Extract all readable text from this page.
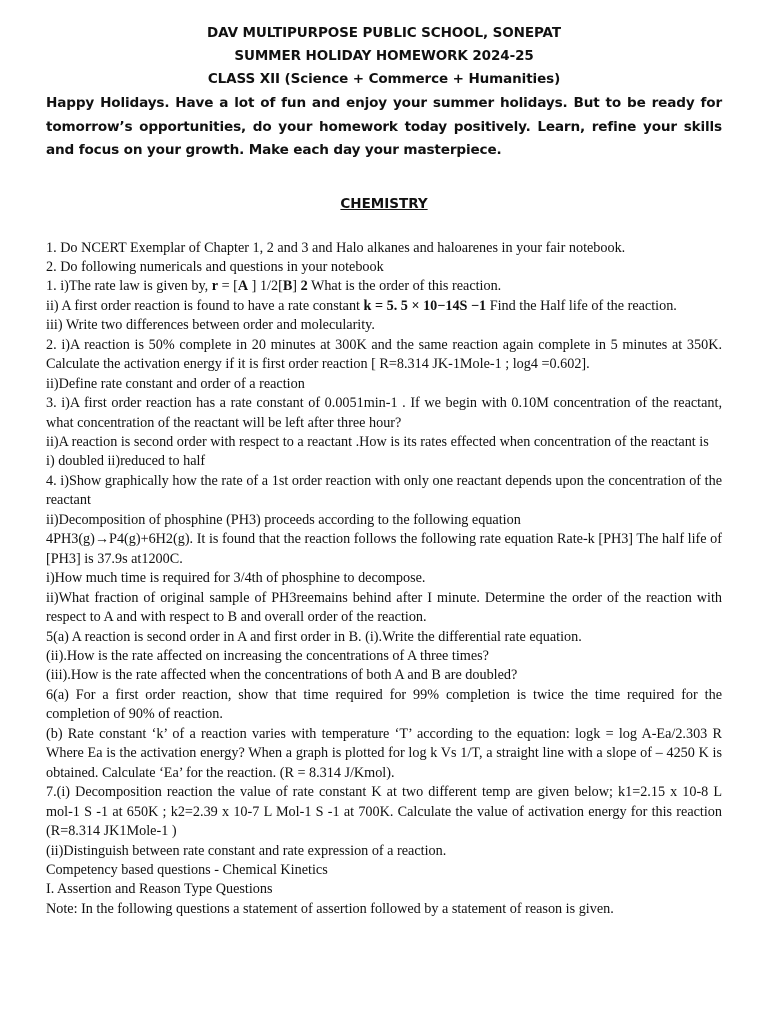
DAV MULTIPURPOSE PUBLIC SCHOOL, SONEPAT
SUMMER HOLIDAY HOMEWORK 2024-25
CLASS XII (Science + Commerce + Humanities)
Happy Holidays. Have a lot of fun and enjoy your summer holidays. But to be ready for tomorrow’s opportunities, do your homework today positively. Learn, refine your skills and focus on your growth. Make each day your masterpiece.
CHEMISTRY

1. Do NCERT Exemplar of Chapter 1, 2 and 3 and Halo alkanes and haloarenes in your fair notebook.

2. Do following numericals and questions in your notebook

1. i)The rate law is given by, r = [A ] 1/2[B] 2 What is the order of this reaction.

ii) A first order reaction is found to have a rate constant k = 5. 5 × 10−14S −1 Find the Half life of the reaction.

iii) Write two differences between order and molecularity.

2. i)A reaction is 50% complete in 20 minutes at 300K and the same reaction again complete in 5 minutes at 350K. Calculate the activation energy if it is first order reaction [ R=8.314 JK-1Mole-1 ; log4 =0.602].

ii)Define rate constant and order of a reaction

3. i)A first order reaction has a rate constant of 0.0051min-1 . If we begin with 0.10M concentration of the reactant, what concentration of the reactant will be left after three hour?

ii)A reaction is second order with respect to a reactant .How is its rates effected when concentration of the reactant is

i) doubled ii)reduced to half

4. i)Show graphically how the rate of a 1st order reaction with only one reactant depends upon the concentration of the reactant

ii)Decomposition of phosphine (PH3) proceeds according to the following equation

4PH3(g)→P4(g)+6H2(g). It is found that the reaction follows the following rate equation Rate-k [PH3] The half life of [PH3] is 37.9s at1200C.

i)How much time is required for 3/4th of phosphine to decompose.

ii)What fraction of original sample of PH3reemains behind after I minute. Determine the order of the reaction with respect to A and with respect to B and overall order of the reaction.

5(a) A reaction is second order in A and first order in B. (i).Write the differential rate equation.

(ii).How is the rate affected on increasing the concentrations of A three times?

(iii).How is the rate affected when the concentrations of both A and B are doubled?

6(a) For a first order reaction, show that time required for 99% completion is twice the time required for the completion of 90% of reaction.

(b) Rate constant ‘k’ of a reaction varies with temperature ‘T’ according to the equation: logk = log A-Ea/2.303 R Where Ea is the activation energy? When a graph is plotted for log k Vs 1/T, a straight line with a slope of – 4250 K is obtained. Calculate ‘Ea’ for the reaction. (R = 8.314 J/Kmol).

7.(i) Decomposition reaction the value of rate constant K at two different temp are given below; k1=2.15 x 10-8 L mol-1 S -1 at 650K ; k2=2.39 x 10-7 L Mol-1 S -1 at 700K. Calculate the value of activation energy for this reaction (R=8.314 JK1Mole-1 )

(ii)Distinguish between rate constant and rate expression of a reaction.

Competency based questions - Chemical Kinetics

I. Assertion and Reason Type Questions

Note: In the following questions a statement of assertion followed by a statement of reason is given.
